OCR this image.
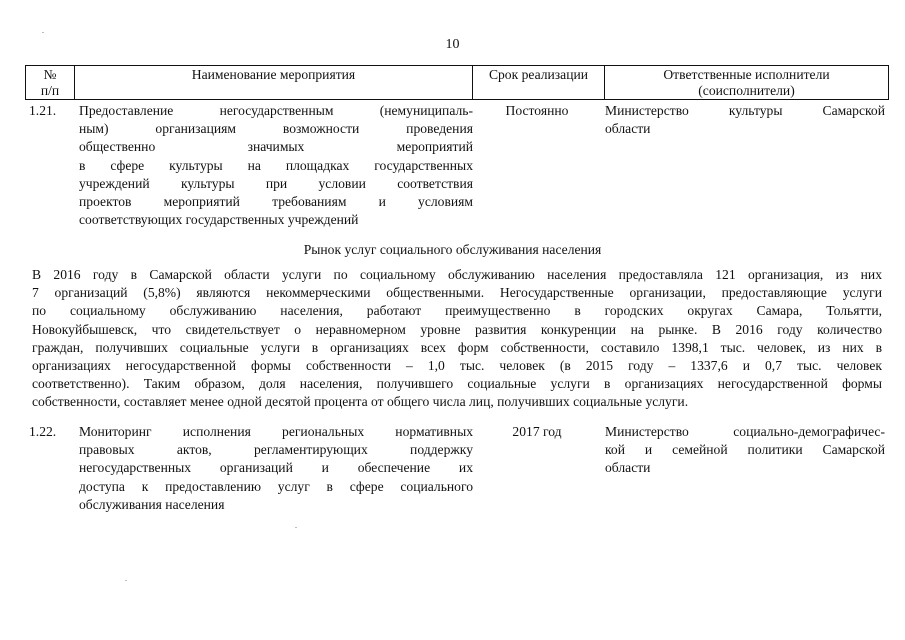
10
№
п/п
	Наименование мероприятия	Срок реализации	Ответственные исполнители
(соисполнители)
1.21. Предоставление негосударственным (немуниципаль-
ным) организациям возможности проведения
общественно значимых мероприятий
в сфере культуры на площадках государственных
учреждений культуры при условии соответствия
проектов мероприятий требованиям и условиям
соответствующих государственных учреждений
Постоянно	Министерство культуры Самарской
области
Рынок услуг социального обслуживания населения
В 2016 году в Самарской области услуги по социальному обслуживанию населения предоставляла 121 организация, из них
7 организаций (5,8%) являются некоммерческими общественными. Негосударственные организации, предоставляющие услуги
по социальному обслуживанию населения, работают преимущественно в городских округах Самара, Тольятти,
Новокуйбышевск, что свидетельствует о неравномерном уровне развития конкуренции на рынке. В 2016 году количество
граждан, получивших социальные услуги в организациях всех форм собственности, составило 1398,1 тыс. человек, из них в
организациях негосударственной формы собственности – 1,0 тыс. человек (в 2015 году – 1337,6 и 0,7 тыс. человек
соответственно). Таким образом, доля населения, получившего социальные услуги в организациях негосударственной формы
собственности, составляет менее одной десятой процента от общего числа лиц, получивших социальные услуги.
1.22. Мониторинг исполнения региональных нормативных
правовых актов, регламентирующих поддержку
негосударственных организаций и обеспечение их
доступа к предоставлению услуг в сфере социального
обслуживания населения
2017 год	Министерство социально-демографичес-
кой и семейной политики Самарской
области
